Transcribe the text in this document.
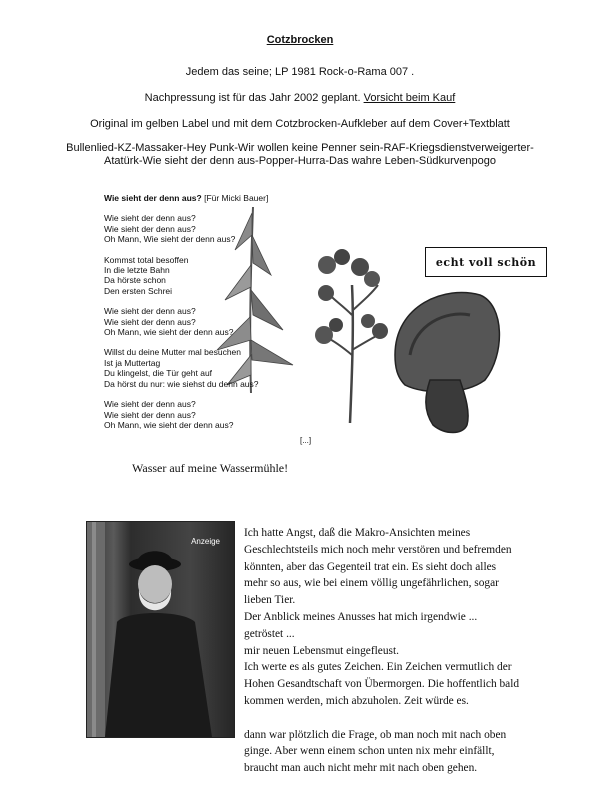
Cotzbrocken
Jedem das seine; LP 1981 Rock-o-Rama 007 .
Nachpressung ist für das Jahr 2002 geplant. Vorsicht beim Kauf
Original im gelben Label und mit dem Cotzbrocken-Aufkleber auf dem Cover+Textblatt
Bullenlied-KZ-Massaker-Hey Punk-Wir wollen keine Penner sein-RAF-Kriegsdienstverweigerter-
Atatürk-Wie sieht der denn aus-Popper-Hurra-Das wahre Leben-Südkurvenpogo
echt voll schön
Wie sieht der denn aus? [Für Micki Bauer]
Wie sieht der denn aus?
Wie sieht der denn aus?
Oh Mann, Wie sieht der denn aus?
Kommst total besoffen
In die letzte Bahn
Da hörste schon
Den ersten Schrei
Wie sieht der denn aus?
Wie sieht der denn aus?
Oh Mann, wie sieht der denn aus?
Willst du deine Mutter mal besuchen
Ist ja Muttertag
Du klingelst, die Tür geht auf
Da hörst du nur: wie siehst du denn aus?
Wie sieht der denn aus?
Wie sieht der denn aus?
Oh Mann, wie sieht der denn aus?
[...]
Wasser auf meine Wassermühle!
Anzeige

Ich hatte Angst, daß die Makro-Ansichten meines

Geschlechtsteils mich noch mehr verstören und befremden

könnten, aber das Gegenteil trat ein. Es sieht doch alles

mehr so aus, wie bei einem völlig ungefährlichen, sogar

lieben Tier.

Der Anblick meines Anusses hat mich irgendwie ...

getröstet ...

mir neuen Lebensmut eingefleust.

Ich werte es als gutes Zeichen. Ein Zeichen vermutlich der

Hohen Gesandtschaft von Übermorgen. Die hoffentlich bald

kommen werden, mich abzuholen. Zeit würde es.

dann war plötzlich die Frage, ob man noch mit nach oben

ginge. Aber wenn einem schon unten nix mehr einfällt,

braucht man auch nicht mehr mit nach oben gehen.
